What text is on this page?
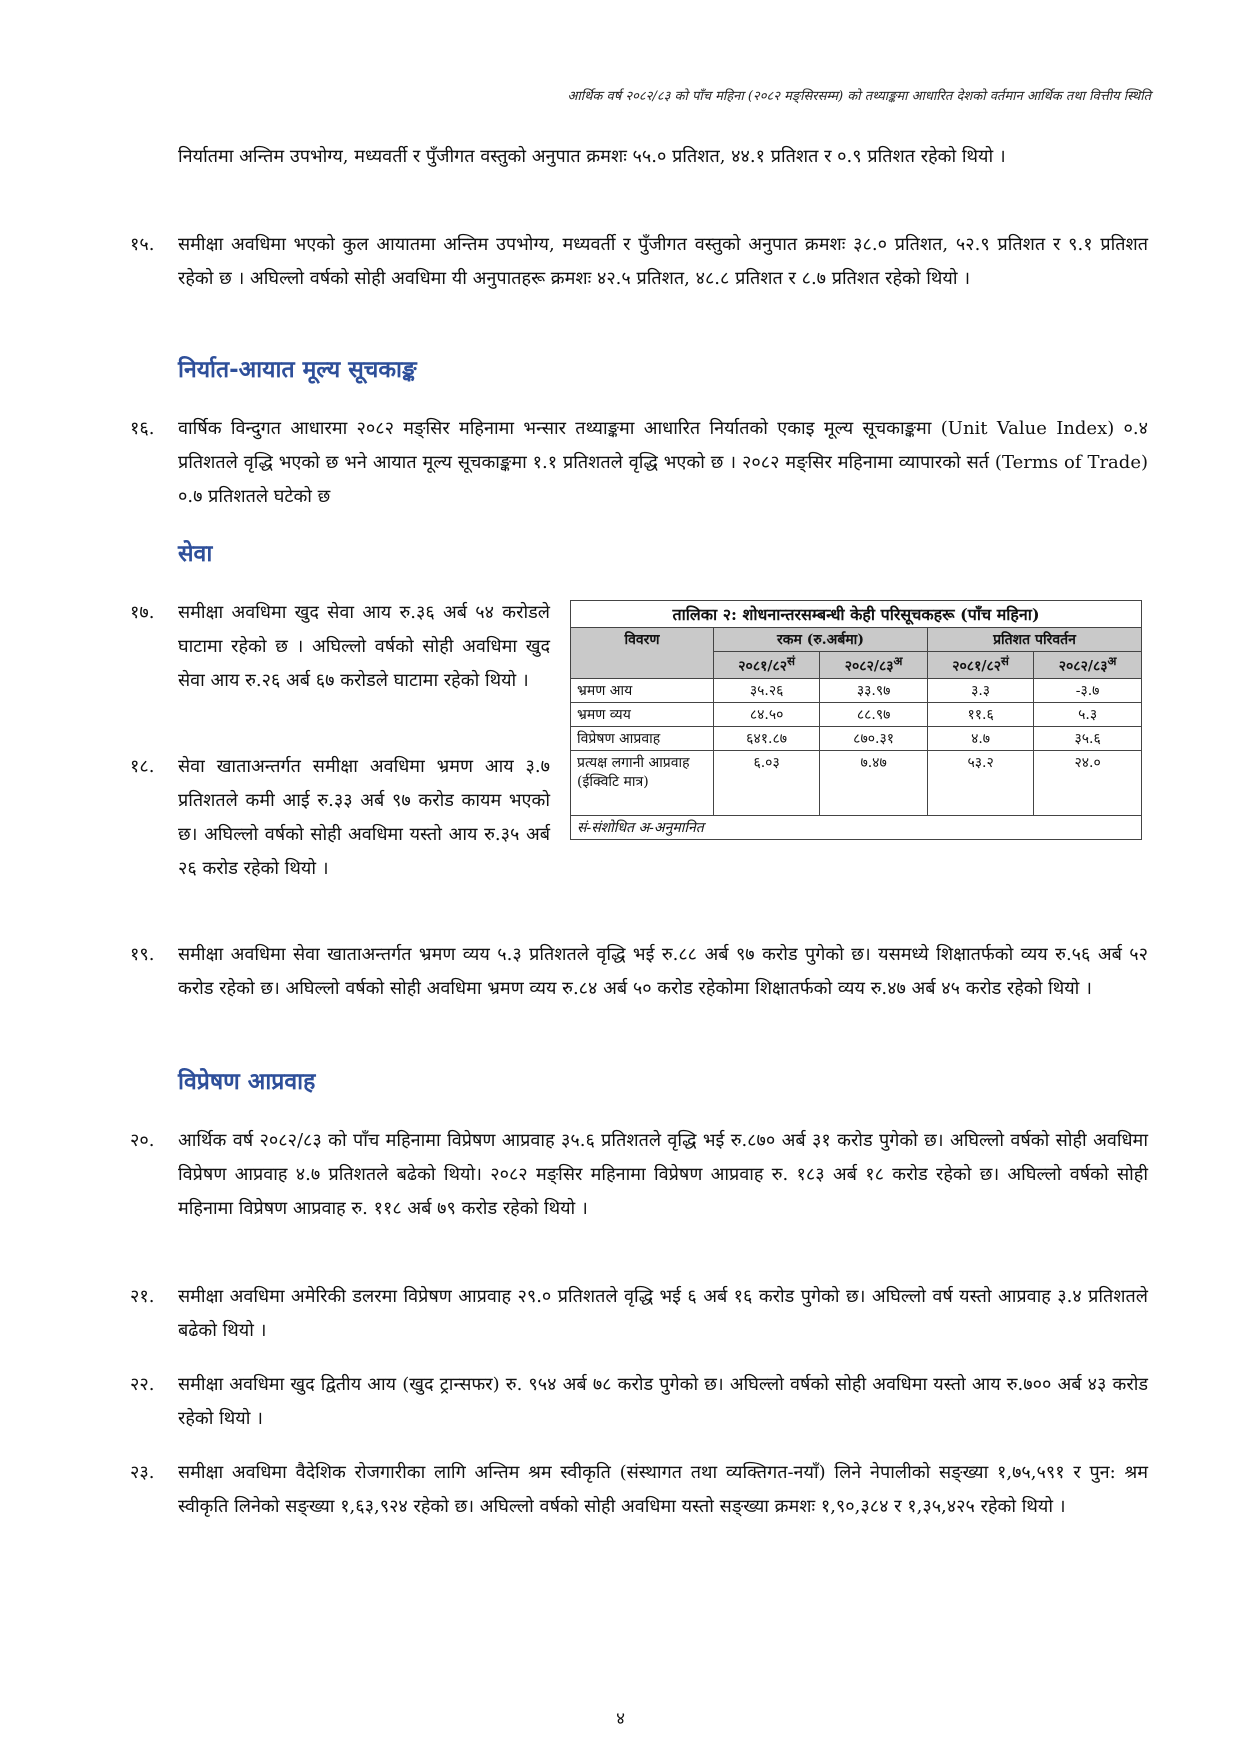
आर्थिक वर्ष २०८२/८३ को पाँच महिना (२०८२ मङ्सिरसम्म) को तथ्याङ्कमा आधारित देशको वर्तमान आर्थिक तथा वित्तीय स्थिति
निर्यातमा अन्तिम उपभोग्य, मध्यवर्ती र पुँजीगत वस्तुको अनुपात क्रमशः ५५.० प्रतिशत, ४४.१ प्रतिशत र ०.९ प्रतिशत रहेको थियो ।
१५. समीक्षा अवधिमा भएको कुल आयातमा अन्तिम उपभोग्य, मध्यवर्ती र पुँजीगत वस्तुको अनुपात क्रमशः ३८.० प्रतिशत, ५२.९ प्रतिशत र ९.१ प्रतिशत रहेको छ । अघिल्लो वर्षको सोही अवधिमा यी अनुपातहरू क्रमशः ४२.५ प्रतिशत, ४८.८ प्रतिशत र ८.७ प्रतिशत रहेको थियो ।
निर्यात-आयात मूल्य सूचकाङ्क
१६. वार्षिक विन्दुगत आधारमा २०८२ मङ्सिर महिनामा भन्सार तथ्याङ्कमा आधारित निर्यातको एकाइ मूल्य सूचकाङ्कमा (Unit Value Index) ०.४ प्रतिशतले वृद्धि भएको छ भने आयात मूल्य सूचकाङ्कमा १.१ प्रतिशतले वृद्धि भएको छ । २०८२ मङ्सिर महिनामा व्यापारको सर्त (Terms of Trade) ०.७ प्रतिशतले घटेको छ
सेवा
१७. समीक्षा अवधिमा खुद सेवा आय रु.३६ अर्ब ५४ करोडले घाटामा रहेको छ । अघिल्लो वर्षको सोही अवधिमा खुद सेवा आय रु.२६ अर्ब ६७ करोडले घाटामा रहेको थियो ।
१८. सेवा खाताअन्तर्गत समीक्षा अवधिमा भ्रमण आय ३.७ प्रतिशतले कमी आई रु.३३ अर्ब ९७ करोड कायम भएको छ। अघिल्लो वर्षको सोही अवधिमा यस्तो आय रु.३५ अर्ब २६ करोड रहेको थियो ।
तालिका २: शोधनान्तरसम्बन्धी केही परिसूचकहरू (पाँच महिना)				
विवरण	रकम (रु.अर्बमा)		प्रतिशत परिवर्तन	
	$२०८१/८२^{सं}$	$२०८२/८३^अ$	$२०८१/८२^{सं}$	$२०८२/८३^अ$
भ्रमण आय	३५.२६	३३.९७	३.३	-३.७
भ्रमण व्यय	८४.५०	८८.९७	११.६	५.३
विप्रेषण आप्रवाह	६४१.८७	८७०.३१	४.७	३५.६
प्रत्यक्ष लगानी आप्रवाह (ईक्विटि मात्र)	६.०३	७.४७	५३.२	२४.०
सं-संशोधित अ-अनुमानित				
१९. समीक्षा अवधिमा सेवा खाताअन्तर्गत भ्रमण व्यय ५.३ प्रतिशतले वृद्धि भई रु.८८ अर्ब ९७ करोड पुगेको छ। यसमध्ये शिक्षातर्फको व्यय रु.५६ अर्ब ५२ करोड रहेको छ। अघिल्लो वर्षको सोही अवधिमा भ्रमण व्यय रु.८४ अर्ब ५० करोड रहेकोमा शिक्षातर्फको व्यय रु.४७ अर्ब ४५ करोड रहेको थियो ।
विप्रेषण आप्रवाह
२०. आर्थिक वर्ष २०८२/८३ को पाँच महिनामा विप्रेषण आप्रवाह ३५.६ प्रतिशतले वृद्धि भई रु.८७० अर्ब ३१ करोड पुगेको छ। अघिल्लो वर्षको सोही अवधिमा विप्रेषण आप्रवाह ४.७ प्रतिशतले बढेको थियो। २०८२ मङ्सिर महिनामा विप्रेषण आप्रवाह रु. १८३ अर्ब १८ करोड रहेको छ। अघिल्लो वर्षको सोही महिनामा विप्रेषण आप्रवाह रु. ११८ अर्ब ७९ करोड रहेको थियो ।
२१. समीक्षा अवधिमा अमेरिकी डलरमा विप्रेषण आप्रवाह २९.० प्रतिशतले वृद्धि भई ६ अर्ब १६ करोड पुगेको छ। अघिल्लो वर्ष यस्तो आप्रवाह ३.४ प्रतिशतले बढेको थियो ।
२२. समीक्षा अवधिमा खुद द्वितीय आय (खुद ट्रान्सफर) रु. ९५४ अर्ब ७८ करोड पुगेको छ। अघिल्लो वर्षको सोही अवधिमा यस्तो आय रु.७०० अर्ब ४३ करोड रहेको थियो ।
२३. समीक्षा अवधिमा वैदेशिक रोजगारीका लागि अन्तिम श्रम स्वीकृति (संस्थागत तथा व्यक्तिगत-नयाँ) लिने नेपालीको सङ्ख्या १,७५,५९१ र पुन: श्रम स्वीकृति लिनेको सङ्ख्या १,६३,९२४ रहेको छ। अघिल्लो वर्षको सोही अवधिमा यस्तो सङ्ख्या क्रमशः १,९०,३८४ र १,३५,४२५ रहेको थियो ।
४
